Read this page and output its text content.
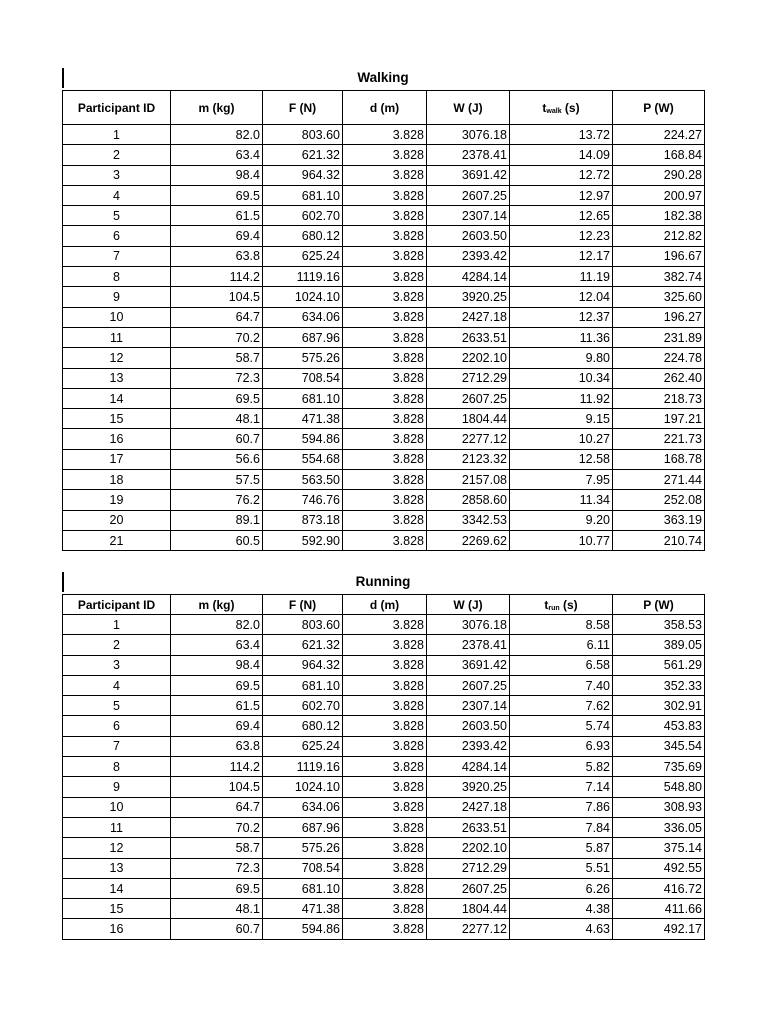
Walking
Participant ID	m (kg)	F (N)	d (m)	W (J)	$t_{walk}$ (s)	P (W)
1	82.0	803.60	3.828	3076.18	13.72	224.27
2	63.4	621.32	3.828	2378.41	14.09	168.84
3	98.4	964.32	3.828	3691.42	12.72	290.28
4	69.5	681.10	3.828	2607.25	12.97	200.97
5	61.5	602.70	3.828	2307.14	12.65	182.38
6	69.4	680.12	3.828	2603.50	12.23	212.82
7	63.8	625.24	3.828	2393.42	12.17	196.67
8	114.2	1119.16	3.828	4284.14	11.19	382.74
9	104.5	1024.10	3.828	3920.25	12.04	325.60
10	64.7	634.06	3.828	2427.18	12.37	196.27
11	70.2	687.96	3.828	2633.51	11.36	231.89
12	58.7	575.26	3.828	2202.10	9.80	224.78
13	72.3	708.54	3.828	2712.29	10.34	262.40
14	69.5	681.10	3.828	2607.25	11.92	218.73
15	48.1	471.38	3.828	1804.44	9.15	197.21
16	60.7	594.86	3.828	2277.12	10.27	221.73
17	56.6	554.68	3.828	2123.32	12.58	168.78
18	57.5	563.50	3.828	2157.08	7.95	271.44
19	76.2	746.76	3.828	2858.60	11.34	252.08
20	89.1	873.18	3.828	3342.53	9.20	363.19
21	60.5	592.90	3.828	2269.62	10.77	210.74
Running
Participant ID	m (kg)	F (N)	d (m)	W (J)	$t_{run}$ (s)	P (W)
1	82.0	803.60	3.828	3076.18	8.58	358.53
2	63.4	621.32	3.828	2378.41	6.11	389.05
3	98.4	964.32	3.828	3691.42	6.58	561.29
4	69.5	681.10	3.828	2607.25	7.40	352.33
5	61.5	602.70	3.828	2307.14	7.62	302.91
6	69.4	680.12	3.828	2603.50	5.74	453.83
7	63.8	625.24	3.828	2393.42	6.93	345.54
8	114.2	1119.16	3.828	4284.14	5.82	735.69
9	104.5	1024.10	3.828	3920.25	7.14	548.80
10	64.7	634.06	3.828	2427.18	7.86	308.93
11	70.2	687.96	3.828	2633.51	7.84	336.05
12	58.7	575.26	3.828	2202.10	5.87	375.14
13	72.3	708.54	3.828	2712.29	5.51	492.55
14	69.5	681.10	3.828	2607.25	6.26	416.72
15	48.1	471.38	3.828	1804.44	4.38	411.66
16	60.7	594.86	3.828	2277.12	4.63	492.17
